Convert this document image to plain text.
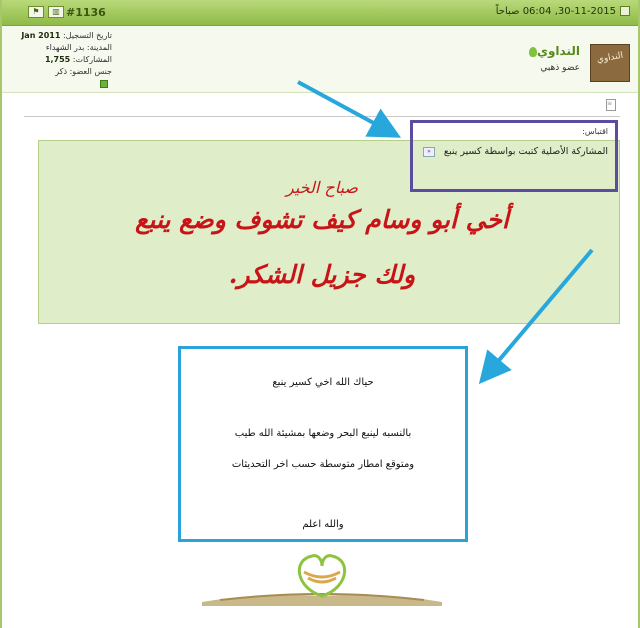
⚑	▥ #1136	30-11-2015, 06:04 صباحاً
النداوي
النداوي
عضو ذهبي
تاريخ التسجيل: Jan 2011
المدينة: بدر الشهداء
المشاركات: 1,755
جنس العضو: ذكر
≡
اقتباس:
المشاركة الأصلية كتبت بواسطة كسير ينبع
»
صباح الخير
أخي أبو وسام كيف تشوف وضع ينبع
ولك جزيل الشكر.
حياك الله اخي كسير ينبع
بالنسبه لينبع البحر وضعها بمشيئة الله طيب
ومتوقع امطار متوسطة حسب اخر التحديثات
والله اعلم
